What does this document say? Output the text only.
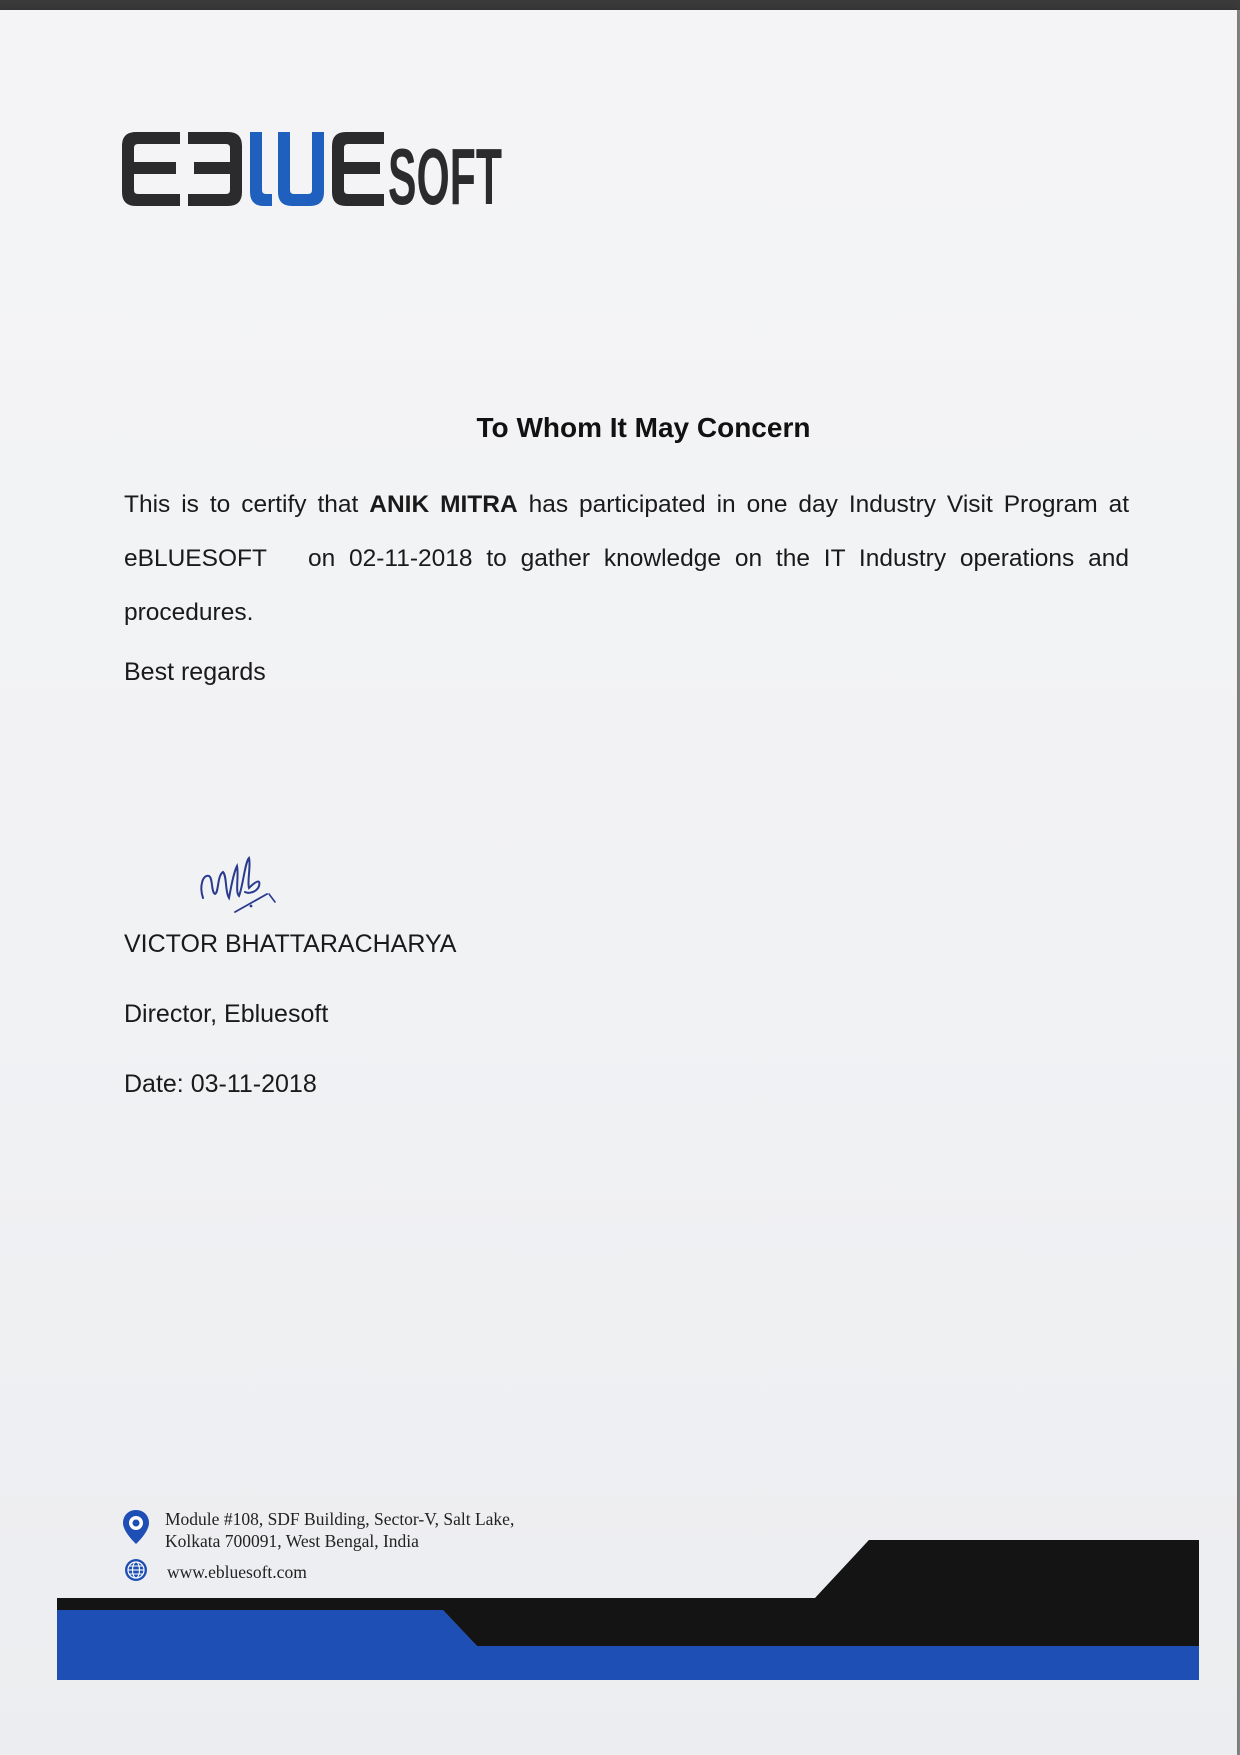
SOFT
To Whom It May Concern
This is to certify that ANIK MITRA has participated in one day Industry Visit Program at
eBLUESOFT   on 02-11-2018 to gather knowledge on the IT Industry operations and
procedures.
Best regards
VICTOR BHATTARACHARYA
Director, Ebluesoft
Date: 03-11-2018
Module #108, SDF Building, Sector-V, Salt Lake,
Kolkata 700091, West Bengal, India
www.ebluesoft.com
